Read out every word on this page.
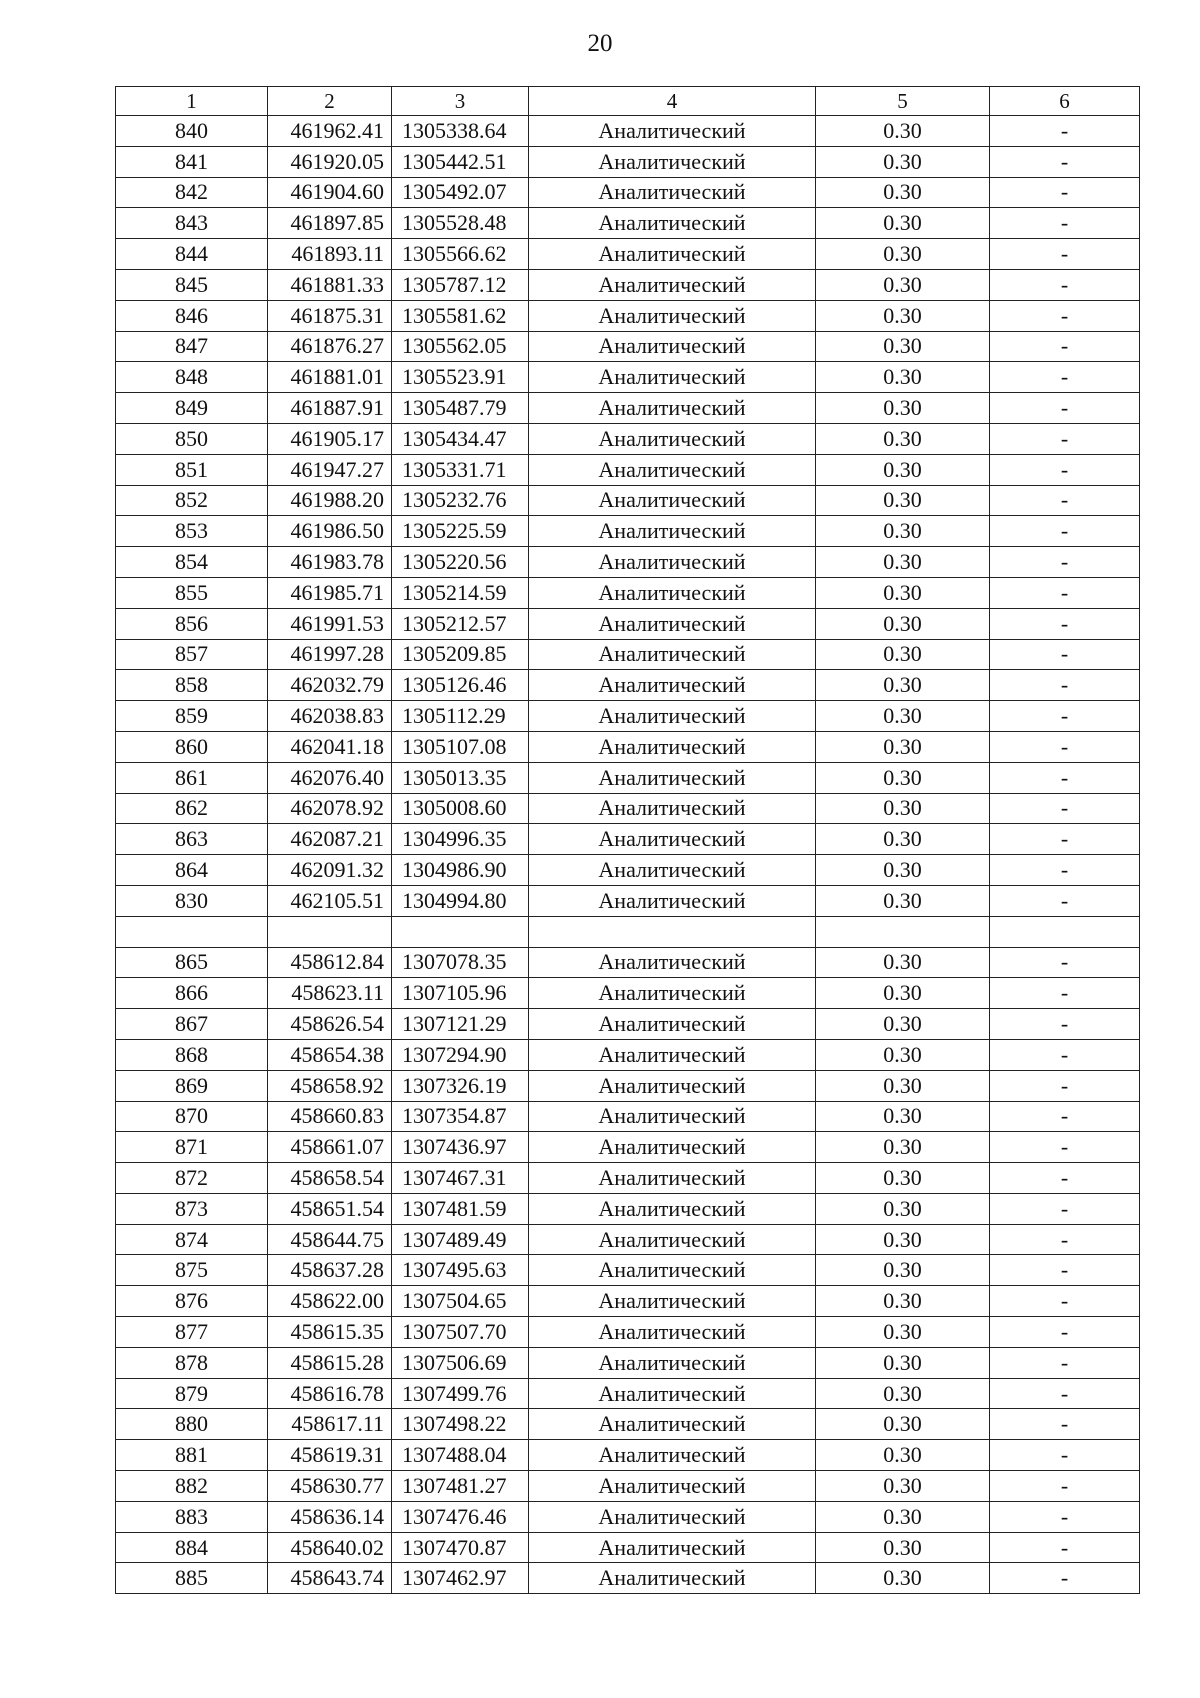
20
1	2	3	4	5	6
840	461962.41	1305338.64	Аналитический	0.30	-
841	461920.05	1305442.51	Аналитический	0.30	-
842	461904.60	1305492.07	Аналитический	0.30	-
843	461897.85	1305528.48	Аналитический	0.30	-
844	461893.11	1305566.62	Аналитический	0.30	-
845	461881.33	1305787.12	Аналитический	0.30	-
846	461875.31	1305581.62	Аналитический	0.30	-
847	461876.27	1305562.05	Аналитический	0.30	-
848	461881.01	1305523.91	Аналитический	0.30	-
849	461887.91	1305487.79	Аналитический	0.30	-
850	461905.17	1305434.47	Аналитический	0.30	-
851	461947.27	1305331.71	Аналитический	0.30	-
852	461988.20	1305232.76	Аналитический	0.30	-
853	461986.50	1305225.59	Аналитический	0.30	-
854	461983.78	1305220.56	Аналитический	0.30	-
855	461985.71	1305214.59	Аналитический	0.30	-
856	461991.53	1305212.57	Аналитический	0.30	-
857	461997.28	1305209.85	Аналитический	0.30	-
858	462032.79	1305126.46	Аналитический	0.30	-
859	462038.83	1305112.29	Аналитический	0.30	-
860	462041.18	1305107.08	Аналитический	0.30	-
861	462076.40	1305013.35	Аналитический	0.30	-
862	462078.92	1305008.60	Аналитический	0.30	-
863	462087.21	1304996.35	Аналитический	0.30	-
864	462091.32	1304986.90	Аналитический	0.30	-
830	462105.51	1304994.80	Аналитический	0.30	-

865	458612.84	1307078.35	Аналитический	0.30	-
866	458623.11	1307105.96	Аналитический	0.30	-
867	458626.54	1307121.29	Аналитический	0.30	-
868	458654.38	1307294.90	Аналитический	0.30	-
869	458658.92	1307326.19	Аналитический	0.30	-
870	458660.83	1307354.87	Аналитический	0.30	-
871	458661.07	1307436.97	Аналитический	0.30	-
872	458658.54	1307467.31	Аналитический	0.30	-
873	458651.54	1307481.59	Аналитический	0.30	-
874	458644.75	1307489.49	Аналитический	0.30	-
875	458637.28	1307495.63	Аналитический	0.30	-
876	458622.00	1307504.65	Аналитический	0.30	-
877	458615.35	1307507.70	Аналитический	0.30	-
878	458615.28	1307506.69	Аналитический	0.30	-
879	458616.78	1307499.76	Аналитический	0.30	-
880	458617.11	1307498.22	Аналитический	0.30	-
881	458619.31	1307488.04	Аналитический	0.30	-
882	458630.77	1307481.27	Аналитический	0.30	-
883	458636.14	1307476.46	Аналитический	0.30	-
884	458640.02	1307470.87	Аналитический	0.30	-
885	458643.74	1307462.97	Аналитический	0.30	-
